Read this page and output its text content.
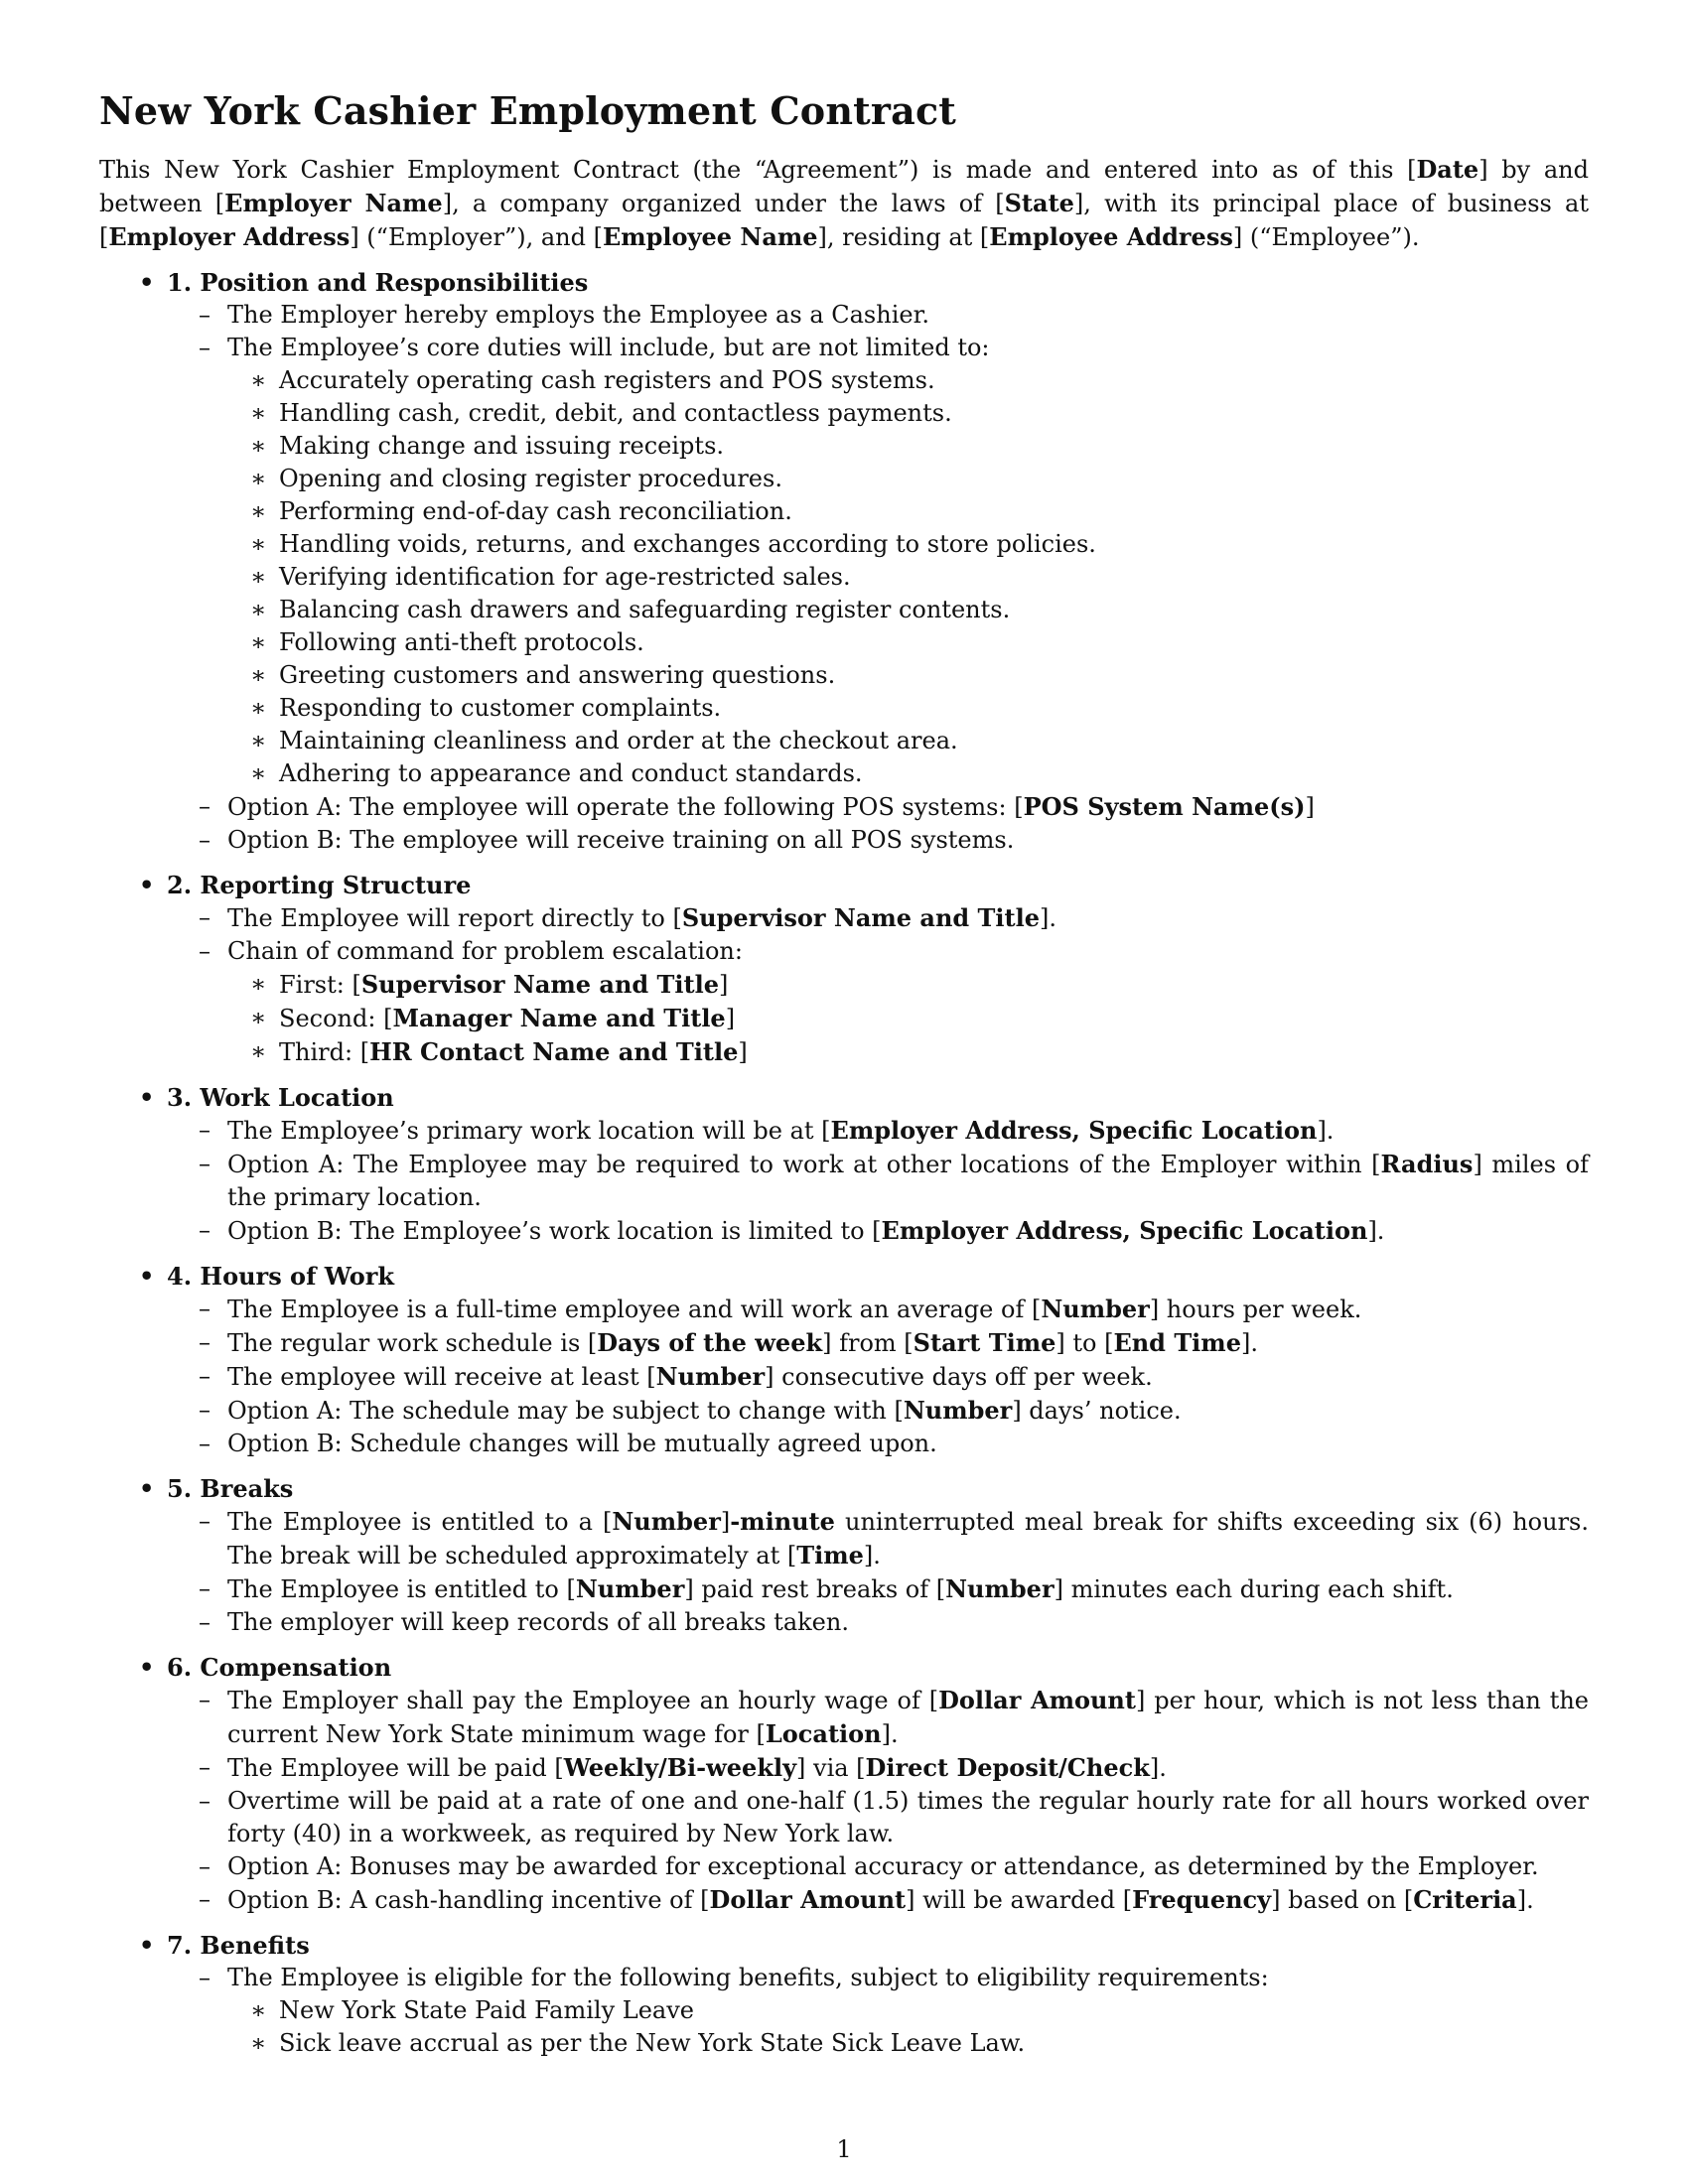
New York Cashier Employment Contract

This New York Cashier Employment Contract (the “Agreement”) is made and entered into as of this [Date] by and between [Employer Name], a company organized under the laws of [State], with its principal place of business at [Employer Address] (“Employer”), and [Employee Name], residing at [Employee Address] (“Employee”).

• 1. Position and Responsibilities
– The Employer hereby employs the Employee as a Cashier.
– The Employee’s core duties will include, but are not limited to:
∗ Accurately operating cash registers and POS systems.
∗ Handling cash, credit, debit, and contactless payments.
∗ Making change and issuing receipts.
∗ Opening and closing register procedures.
∗ Performing end-of-day cash reconciliation.
∗ Handling voids, returns, and exchanges according to store policies.
∗ Verifying identification for age-restricted sales.
∗ Balancing cash drawers and safeguarding register contents.
∗ Following anti-theft protocols.
∗ Greeting customers and answering questions.
∗ Responding to customer complaints.
∗ Maintaining cleanliness and order at the checkout area.
∗ Adhering to appearance and conduct standards.
– Option A: The employee will operate the following POS systems: [POS System Name(s)]
– Option B: The employee will receive training on all POS systems.
• 2. Reporting Structure
– The Employee will report directly to [Supervisor Name and Title].
– Chain of command for problem escalation:
∗ First: [Supervisor Name and Title]
∗ Second: [Manager Name and Title]
∗ Third: [HR Contact Name and Title]
• 3. Work Location
– The Employee’s primary work location will be at [Employer Address, Specific Location].
– Option A: The Employee may be required to work at other locations of the Employer within [Radius] miles of the primary location.
– Option B: The Employee’s work location is limited to [Employer Address, Specific Location].
• 4. Hours of Work
– The Employee is a full-time employee and will work an average of [Number] hours per week.
– The regular work schedule is [Days of the week] from [Start Time] to [End Time].
– The employee will receive at least [Number] consecutive days off per week.
– Option A: The schedule may be subject to change with [Number] days’ notice.
– Option B: Schedule changes will be mutually agreed upon.
• 5. Breaks
– The Employee is entitled to a [Number]-minute uninterrupted meal break for shifts exceeding six (6) hours. The break will be scheduled approximately at [Time].
– The Employee is entitled to [Number] paid rest breaks of [Number] minutes each during each shift.
– The employer will keep records of all breaks taken.
• 6. Compensation
– The Employer shall pay the Employee an hourly wage of [Dollar Amount] per hour, which is not less than the current New York State minimum wage for [Location].
– The Employee will be paid [Weekly/Bi-weekly] via [Direct Deposit/Check].
– Overtime will be paid at a rate of one and one-half (1.5) times the regular hourly rate for all hours worked over forty (40) in a workweek, as required by New York law.
– Option A: Bonuses may be awarded for exceptional accuracy or attendance, as determined by the Employer.
– Option B: A cash-handling incentive of [Dollar Amount] will be awarded [Frequency] based on [Criteria].
• 7. Benefits
– The Employee is eligible for the following benefits, subject to eligibility requirements:
∗ New York State Paid Family Leave
∗ Sick leave accrual as per the New York State Sick Leave Law.
1
